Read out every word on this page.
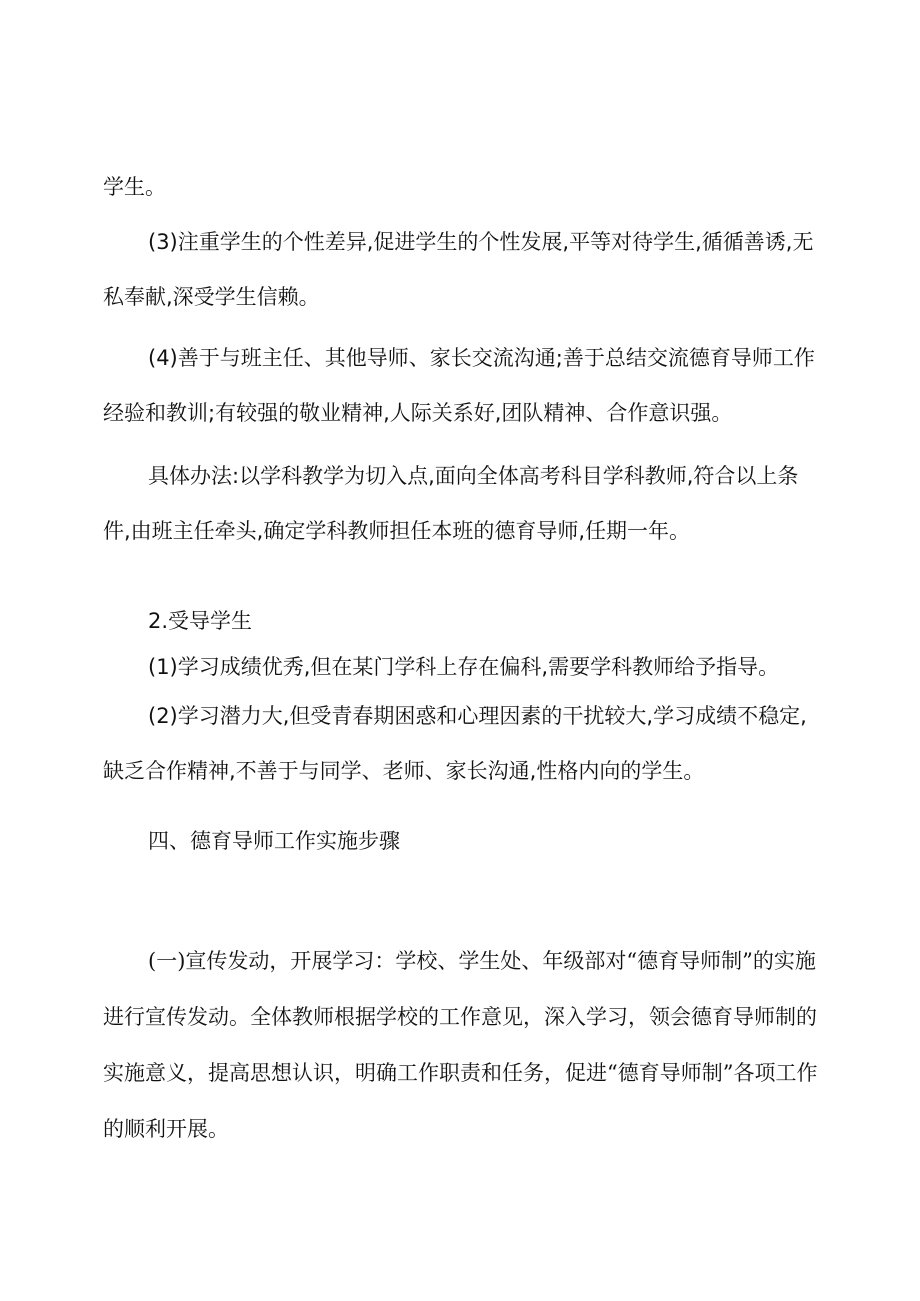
学生。

(3)注重学生的个性差异,促进学生的个性发展,平等对待学生,循循善诱,无私奉献,深受学生信赖。

(4)善于与班主任、其他导师、家长交流沟通;善于总结交流德育导师工作经验和教训;有较强的敬业精神,人际关系好,团队精神、合作意识强。

具体办法:以学科教学为切入点,面向全体高考科目学科教师,符合以上条件,由班主任牵头,确定学科教师担任本班的德育导师,任期一年。

2.受导学生

(1)学习成绩优秀,但在某门学科上存在偏科,需要学科教师给予指导。

(2)学习潜力大,但受青春期困惑和心理因素的干扰较大,学习成绩不稳定,缺乏合作精神,不善于与同学、老师、家长沟通,性格内向的学生。

四、德育导师工作实施步骤

(一)宣传发动，开展学习：学校、学生处、年级部对“德育导师制”的实施进行宣传发动。全体教师根据学校的工作意见，深入学习，领会德育导师制的实施意义，提高思想认识，明确工作职责和任务，促进“德育导师制”各项工作的顺利开展。
